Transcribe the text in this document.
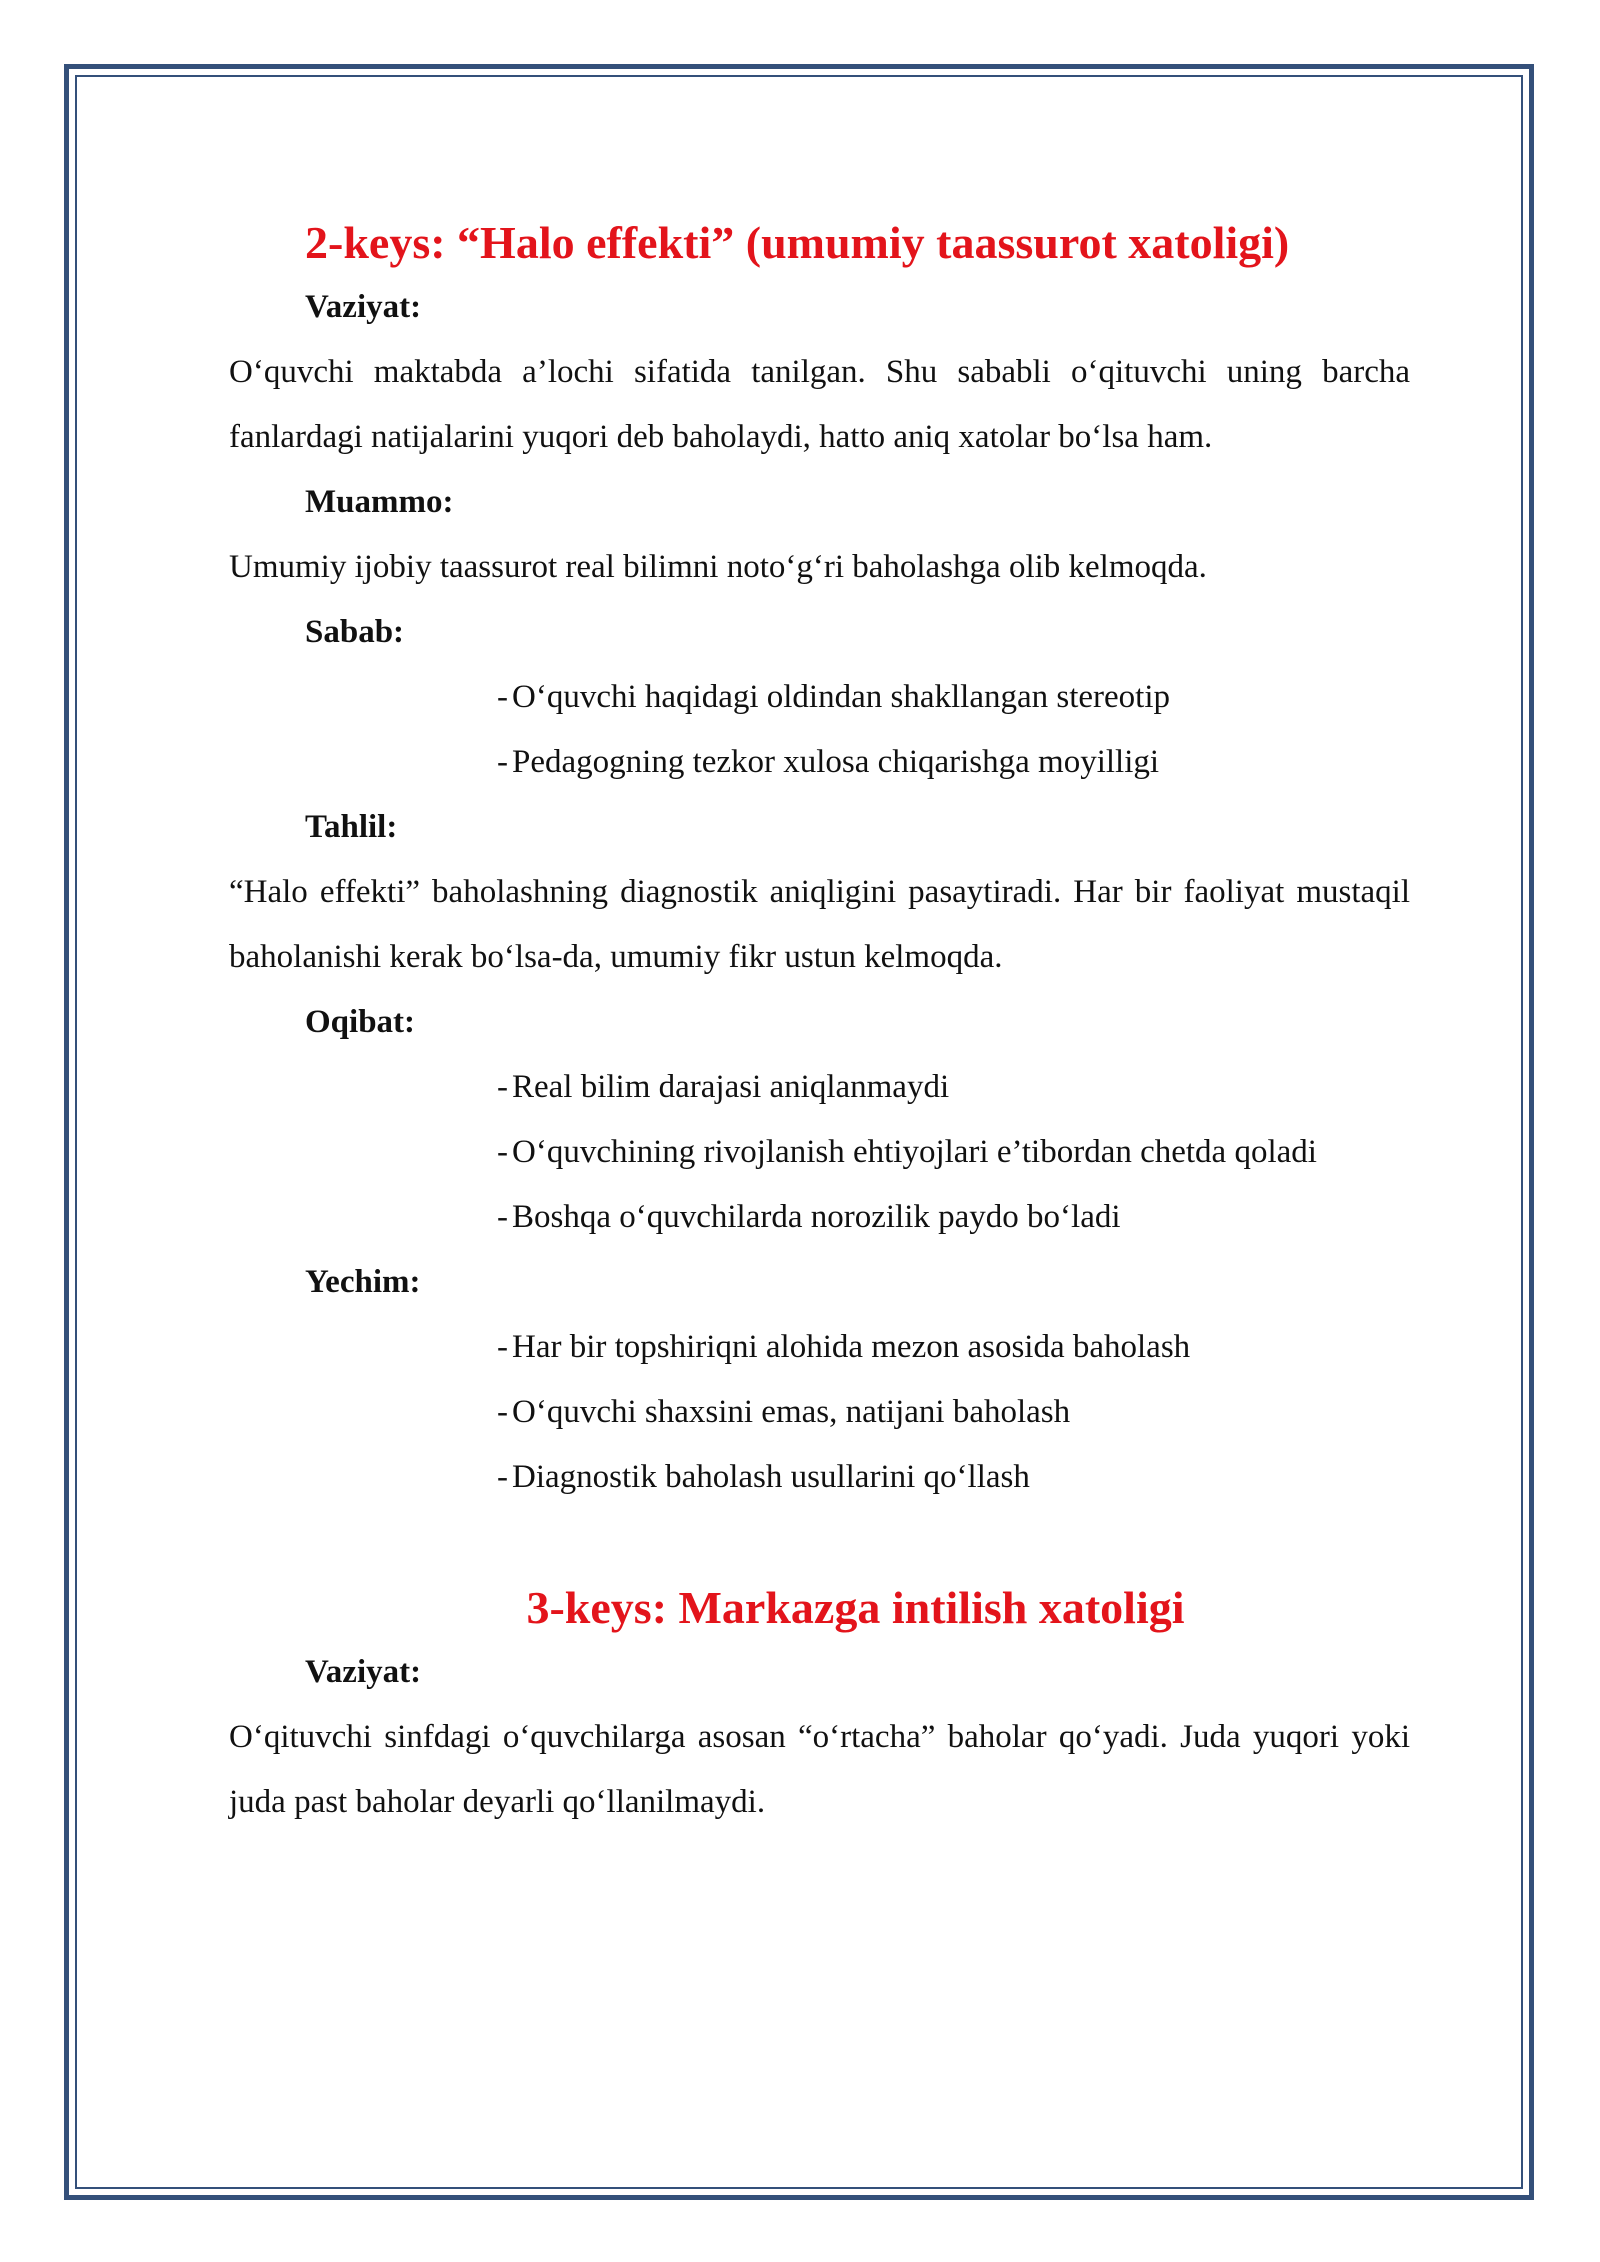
2-keys: “Halo effekti” (umumiy taassurot xatoligi)

Vaziyat:

O‘quvchi maktabda a’lochi sifatida tanilgan. Shu sababli o‘qituvchi uning barcha fanlardagi natijalarini yuqori deb baholaydi, hatto aniq xatolar bo‘lsa ham.

Muammo:

Umumiy ijobiy taassurot real bilimni noto‘g‘ri baholashga olib kelmoqda.

Sabab:

- O‘quvchi haqidagi oldindan shakllangan stereotip

- Pedagogning tezkor xulosa chiqarishga moyilligi

Tahlil:

“Halo effekti” baholashning diagnostik aniqligini pasaytiradi. Har bir faoliyat mustaqil baholanishi kerak bo‘lsa-da, umumiy fikr ustun kelmoqda.

Oqibat:

- Real bilim darajasi aniqlanmaydi

- O‘quvchining rivojlanish ehtiyojlari e’tibordan chetda qoladi

- Boshqa o‘quvchilarda norozilik paydo bo‘ladi

Yechim:

- Har bir topshiriqni alohida mezon asosida baholash

- O‘quvchi shaxsini emas, natijani baholash

- Diagnostik baholash usullarini qo‘llash

3-keys: Markazga intilish xatoligi

Vaziyat:

O‘qituvchi sinfdagi o‘quvchilarga asosan “o‘rtacha” baholar qo‘yadi. Juda yuqori yoki juda past baholar deyarli qo‘llanilmaydi.
